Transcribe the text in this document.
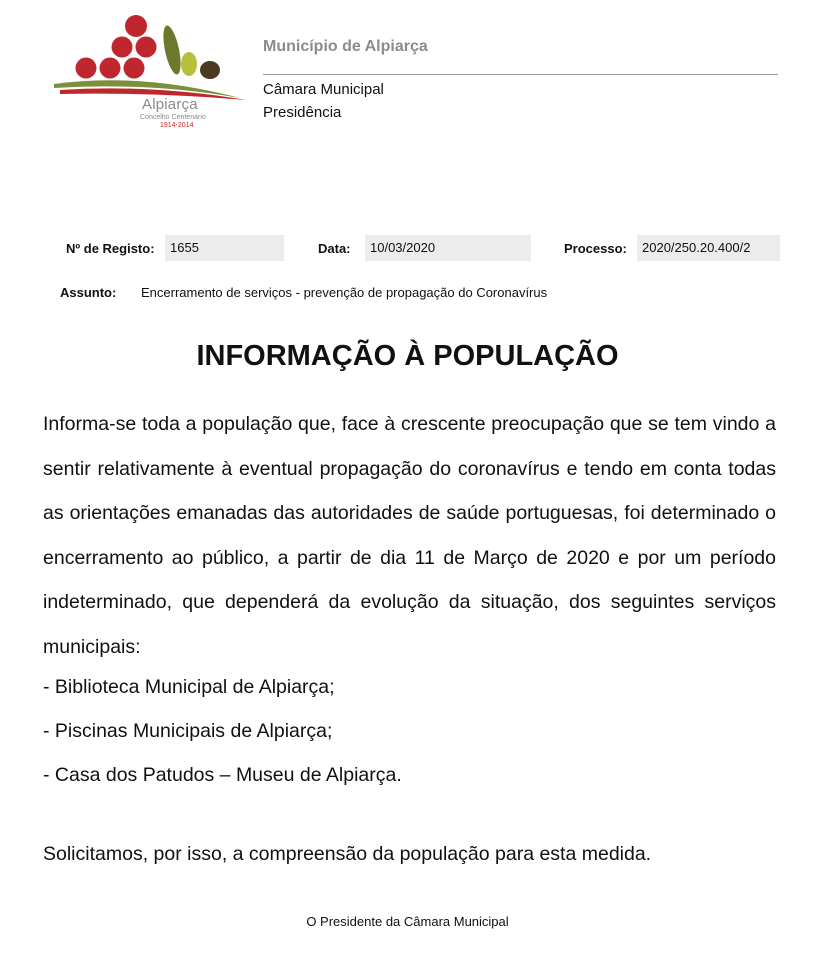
Alpiarça
Concelho Centenário
1914-2014
Município de Alpiarça
Câmara Municipal
Presidência
Nº de Registo:	1655	Data:	10/03/2020	Processo:	2020/250.20.400/2
Assunto: Encerramento de serviços - prevenção de propagação do Coronavírus
INFORMAÇÃO À POPULAÇÃO

Informa-se toda a população que, face à crescente preocupação que se tem vindo a sentir relativamente à eventual propagação do coronavírus e tendo em conta todas as orientações emanadas das autoridades de saúde portuguesas, foi determinado o encerramento ao público, a partir de dia 11 de Março de 2020 e por um período indeterminado, que dependerá da evolução da situação, dos seguintes serviços municipais:

- Biblioteca Municipal de Alpiarça;
- Piscinas Municipais de Alpiarça;
- Casa dos Patudos – Museu de Alpiarça.
Solicitamos, por isso, a compreensão da população para esta medida.
O Presidente da Câmara Municipal
